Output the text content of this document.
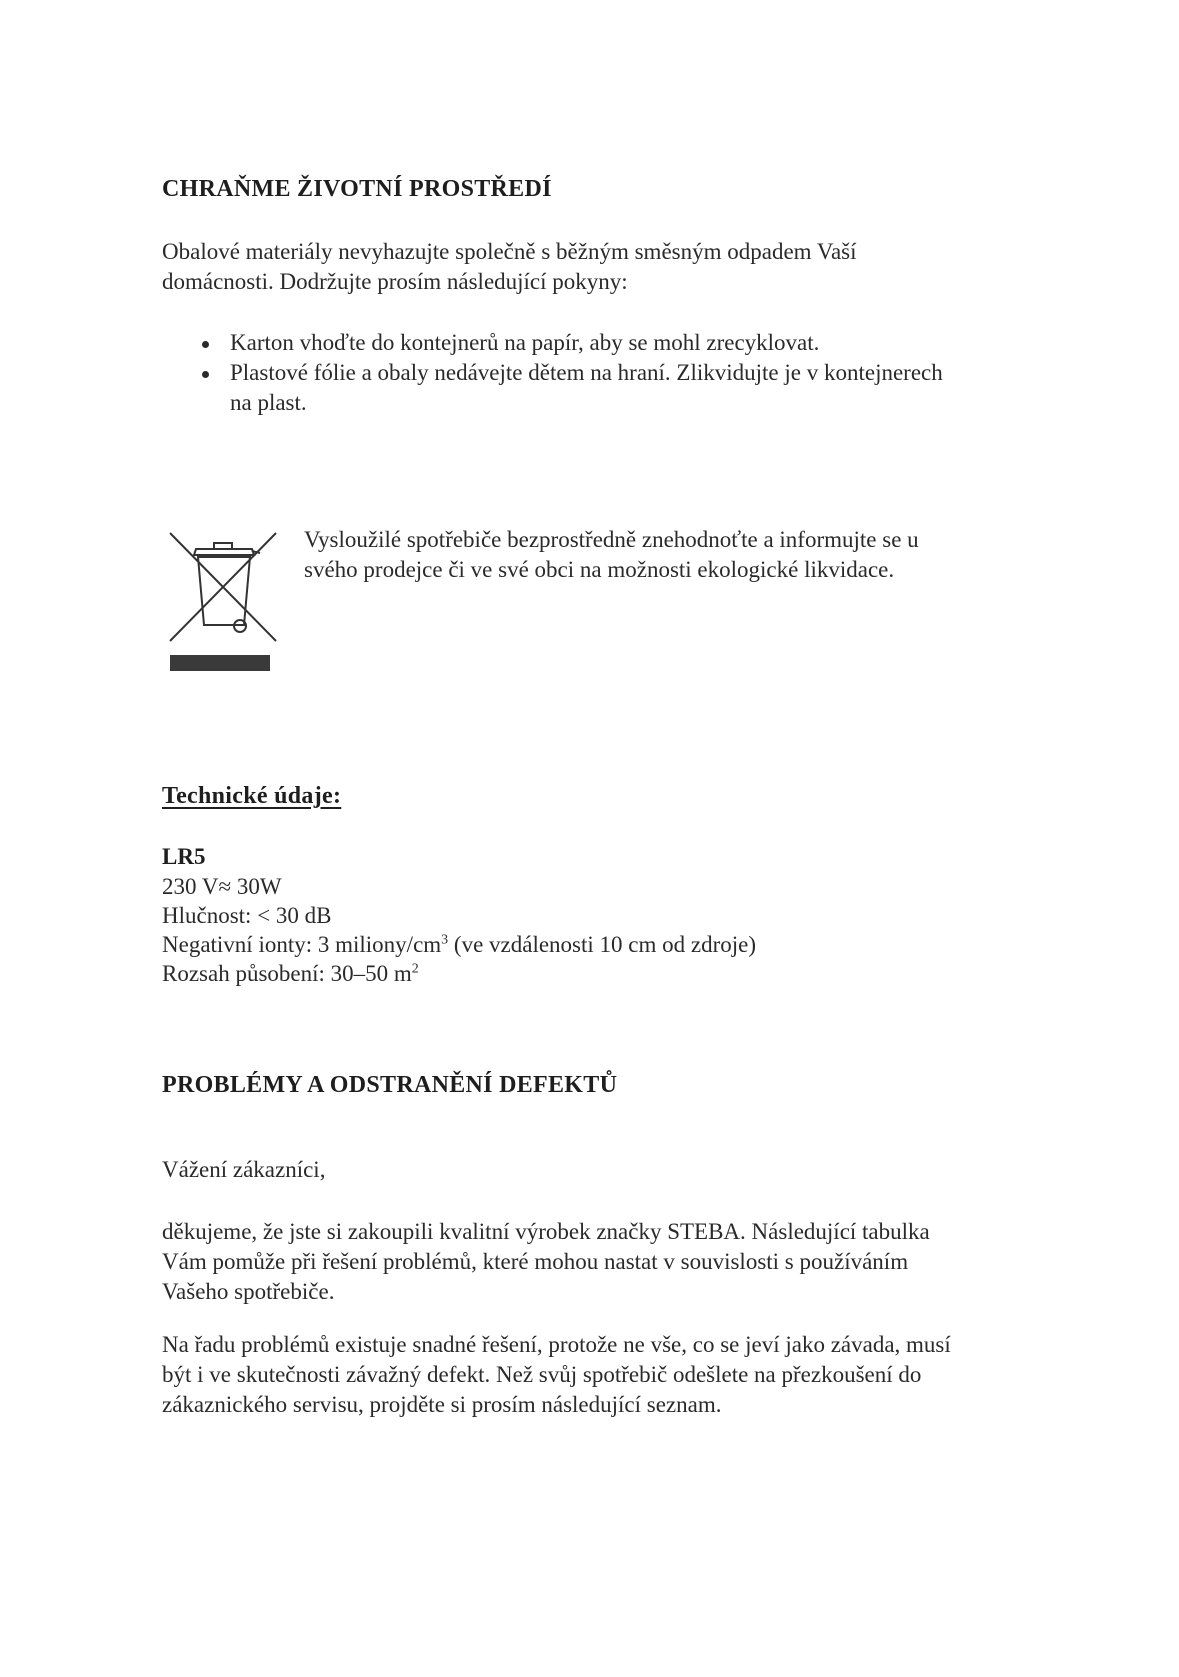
CHRAŇME ŽIVOTNÍ PROSTŘEDÍ
Obalové materiály nevyhazujte společně s běžným směsným odpadem Vaší
domácnosti. Dodržujte prosím následující pokyny:
Karton vhoďte do kontejnerů na papír, aby se mohl zrecyklovat.
Plastové fólie a obaly nedávejte dětem na hraní. Zlikvidujte je v kontejnerech na plast.
Vysloužilé spotřebiče bezprostředně znehodnoťte a informujte se u
svého prodejce či ve své obci na možnosti ekologické likvidace.
Technické údaje:
LR5
230 V≈ 30W
Hlučnost: < 30 dB
Negativní ionty: 3 miliony/$cm^3$ (ve vzdálenosti 10 cm od zdroje)
Rozsah působení: 30–50 $m^2$
PROBLÉMY A ODSTRANĚNÍ DEFEKTŮ
Vážení zákazníci,
děkujeme, že jste si zakoupili kvalitní výrobek značky STEBA. Následující tabulka
Vám pomůže při řešení problémů, které mohou nastat v souvislosti s používáním
Vašeho spotřebiče.
Na řadu problémů existuje snadné řešení, protože ne vše, co se jeví jako závada, musí
být i ve skutečnosti závažný defekt. Než svůj spotřebič odešlete na přezkoušení do
zákaznického servisu, projděte si prosím následující seznam.
